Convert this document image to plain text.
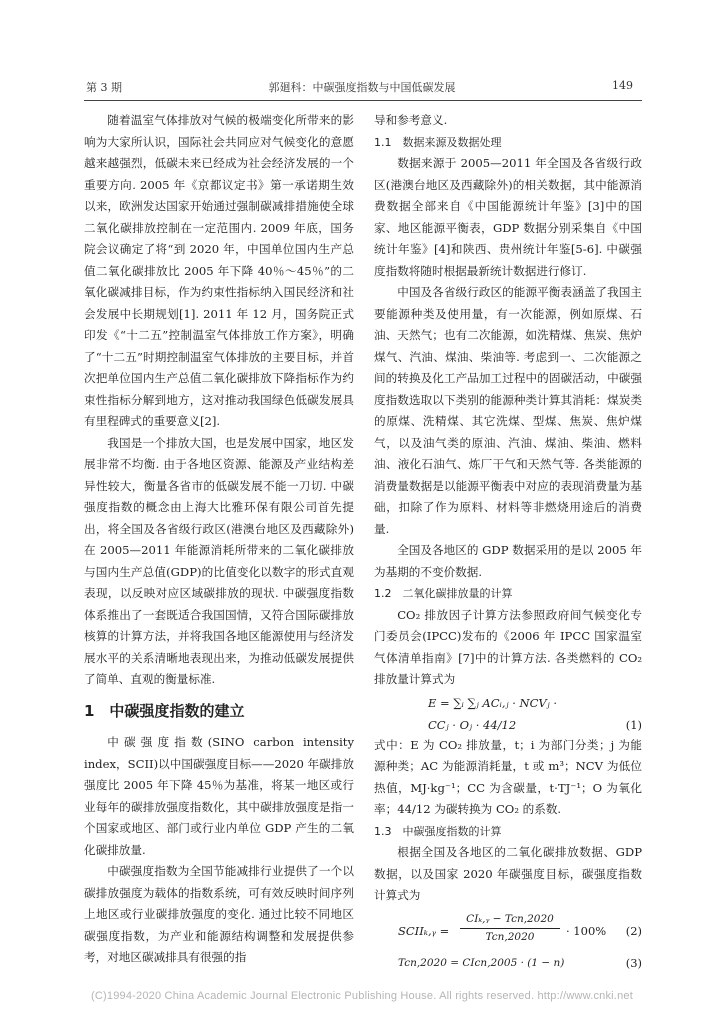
第 3 期	郭廻科：中碳强度指数与中国低碳发展	149

随着温室气体排放对气候的极端变化所带来的影响为大家所认识，国际社会共同应对气候变化的意愿越来越强烈，低碳未来已经成为社会经济发展的一个重要方向. 2005 年《京都议定书》第一承诺期生效以来，欧洲发达国家开始通过强制碳减排措施使全球二氧化碳排放控制在一定范围内. 2009 年底，国务院会议确定了将“到 2020 年，中国单位国内生产总值二氧化碳排放比 2005 年下降 40％～45％”的二氧化碳减排目标，作为约束性指标纳入国民经济和社会发展中长期规划[1]. 2011 年 12 月，国务院正式印发《“十二五”控制温室气体排放工作方案》，明确了“十二五”时期控制温室气体排放的主要目标，并首次把单位国内生产总值二氧化碳排放下降指标作为约束性指标分解到地方，这对推动我国绿色低碳发展具有里程碑式的重要意义[2].

我国是一个排放大国，也是发展中国家，地区发展非常不均衡. 由于各地区资源、能源及产业结构差异性较大，衡量各省市的低碳发展不能一刀切. 中碳强度指数的概念由上海大比雅环保有限公司首先提出，将全国及各省级行政区(港澳台地区及西藏除外)在 2005—2011 年能源消耗所带来的二氧化碳排放与国内生产总值(GDP)的比值变化以数字的形式直观表现，以反映对应区域碳排放的现状. 中碳强度指数体系推出了一套既适合我国国情，又符合国际碳排放核算的计算方法，并将我国各地区能源使用与经济发展水平的关系清晰地表现出来，为推动低碳发展提供了简单、直观的衡量标准.

1　中碳强度指数的建立

中碳强度指数(SINO carbon intensity index，SCII)以中国碳强度目标——2020 年碳排放强度比 2005 年下降 45％为基准，将某一地区或行业每年的碳排放强度指数化，其中碳排放强度是指一个国家或地区、部门或行业内单位 GDP 产生的二氧化碳排放量.

中碳强度指数为全国节能减排行业提供了一个以碳排放强度为载体的指数系统，可有效反映时间序列上地区或行业碳排放强度的变化. 通过比较不同地区碳强度指数，为产业和能源结构调整和发展提供参考，对地区碳减排具有很强的指

导和参考意义.
1.1　数据来源及数据处理

数据来源于 2005—2011 年全国及各省级行政区(港澳台地区及西藏除外)的相关数据，其中能源消费数据全部来自《中国能源统计年鉴》[3]中的国家、地区能源平衡表，GDP 数据分别采集自《中国统计年鉴》[4]和陕西、贵州统计年鉴[5-6]. 中碳强度指数将随时根据最新统计数据进行修订.

中国及各省级行政区的能源平衡表涵盖了我国主要能源种类及使用量，有一次能源，例如原煤、石油、天然气；也有二次能源，如洗精煤、焦炭、焦炉煤气、汽油、煤油、柴油等. 考虑到一、二次能源之间的转换及化工产品加工过程中的固碳活动，中碳强度指数选取以下类别的能源种类计算其消耗：煤炭类的原煤、洗精煤、其它洗煤、型煤、焦炭、焦炉煤气，以及油气类的原油、汽油、煤油、柴油、燃料油、液化石油气、炼厂干气和天然气等. 各类能源的消费量数据是以能源平衡表中对应的表现消费量为基础，扣除了作为原料、材料等非燃烧用途后的消费量.

全国及各地区的 GDP 数据采用的是以 2005 年为基期的不变价数据.

1.2　二氧化碳排放量的计算

CO₂ 排放因子计算方法参照政府间气候变化专门委员会(IPCC)发布的《2006 年 IPCC 国家温室气体清单指南》[7]中的计算方法. 各类燃料的 CO₂ 排放量计算式为

E = ∑ᵢ ∑ⱼ ACᵢ,ⱼ · NCVⱼ ·
CCⱼ · Oⱼ · 44/12	(1)

式中：E 为 CO₂ 排放量，t；i 为部门分类；j 为能源种类；AC 为能源消耗量，t 或 m³；NCV 为低位热值，MJ·kg⁻¹；CC 为含碳量，t·TJ⁻¹；O 为氧化率；44/12 为碳转换为 CO₂ 的系数.

1.3　中碳强度指数的计算

根据全国及各地区的二氧化碳排放数据、GDP 数据，以及国家 2020 年碳强度目标，碳强度指数计算式为

SCIIₖ,ᵧ =
CIₖ,ᵧ − Tcn,2020
Tcn,2020	· 100% (2)
Tcn,2020 = CIcn,2005 · (1 − n)	(3)
(C)1994-2020 China Academic Journal Electronic Publishing House. All rights reserved. http://www.cnki.net
